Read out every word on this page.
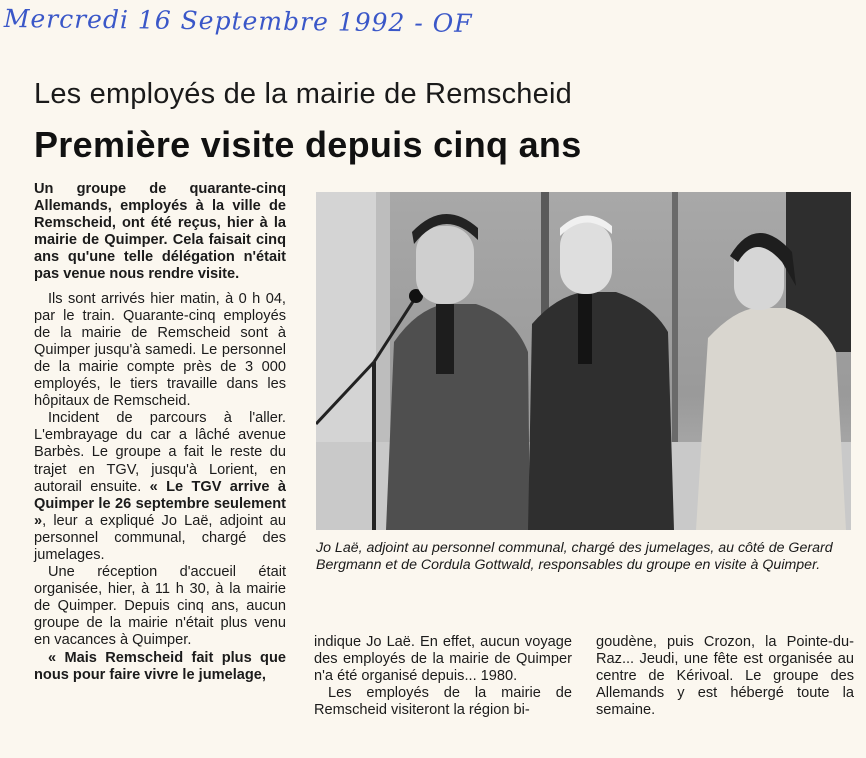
Mercredi 16 Septembre 1992 - OF
Les employés de la mairie de Remscheid
Première visite depuis cinq ans

Un groupe de quarante-cinq Allemands, employés à la ville de Remscheid, ont été reçus, hier à la mairie de Quimper. Cela faisait cinq ans qu'une telle délégation n'était pas venue nous rendre visite.

Ils sont arrivés hier matin, à 0 h 04, par le train. Quarante-cinq employés de la mairie de Remscheid sont à Quimper jusqu'à samedi. Le personnel de la mairie compte près de 3 000 employés, le tiers travaille dans les hôpitaux de Remscheid.

Incident de parcours à l'aller. L'embrayage du car a lâché avenue Barbès. Le groupe a fait le reste du trajet en TGV, jusqu'à Lorient, en autorail ensuite. « Le TGV arrive à Quimper le 26 septembre seulement », leur a expliqué Jo Laë, adjoint au personnel communal, chargé des jumelages.

Une réception d'accueil était organisée, hier, à 11 h 30, à la mairie de Quimper. Depuis cinq ans, aucun groupe de la mairie n'était plus venu en vacances à Quimper.

« Mais Remscheid fait plus que nous pour faire vivre le jumelage,

Jo Laë, adjoint au personnel communal, chargé des jumelages, au côté de Gerard Bergmann et de Cordula Gottwald, responsables du groupe en visite à Quimper.

indique Jo Laë. En effet, aucun voyage des employés de la mairie de Quimper n'a été organisé depuis... 1980.

Les employés de la mairie de Remscheid visiteront la région bi-

goudène, puis Crozon, la Pointe-du-Raz... Jeudi, une fête est organisée au centre de Kérivoal. Le groupe des Allemands y est hébergé toute la semaine.
